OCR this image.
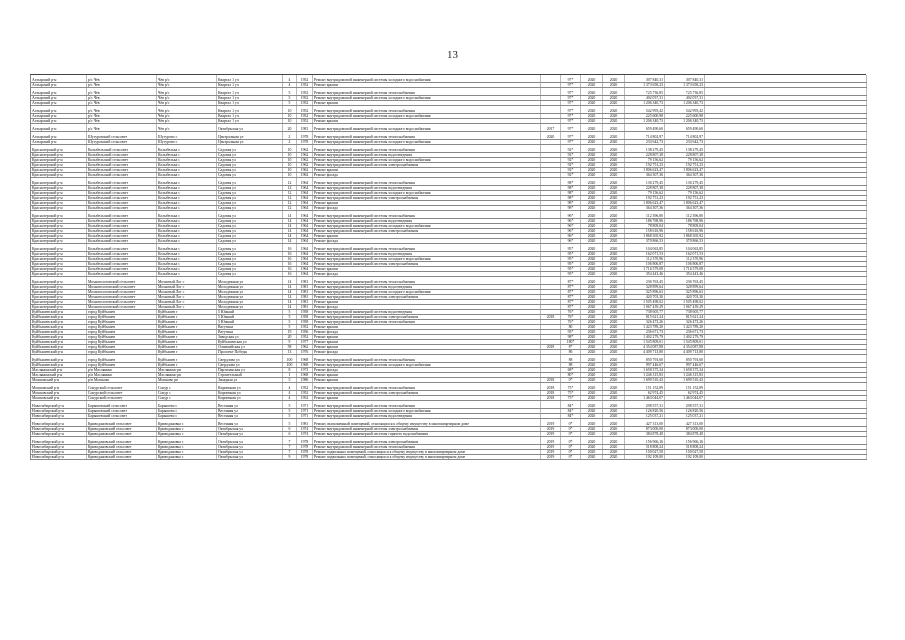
13
Ахтырский р-н	р/с Чёв	Чёв р/с	Квартал 1 уч	4	1952	Ремонт внутридомовой инженерной системы холодного водоснабжения		97*	2020	2020	307 840,31	307 840,31	
Ахтырский р-н	р/с Чёв	Чёв р/с	Квартал 1 уч	4	1952	Ремонт крыши		97*	2020	2020	1 373 658,23	1 373 658,23	
Ахтырский р-н	р/с Чёв	Чёв р/с	Квартал 1 уч	5	1952	Ремонт внутридомовой инженерной системы теплоснабжения		97*	2020	2020	725 736,85	725 736,85	
Ахтырский р-н	р/с Чёв	Чёв р/с	Квартал 1 уч	5	1952	Ремонт внутридомовой инженерной системы холодного водоснабжения		97*	2020	2020	402 057,31	402 057,31	
Ахтырский р-н	р/с Чёв	Чёв р/с	Квартал 1 уч	5	1952	Ремонт крыши		97*	2020	2020	1 206 340,73	1 206 340,73	
Ахтырский р-н	р/с Чёв	Чёв р/с	Квартал 1 уч	10	1952	Ремонт внутридомовой инженерной системы теплоснабжения		97*	2020	2020	542 995,42	542 995,42	
Ахтырский р-н	р/с Чёв	Чёв р/с	Квартал 1 уч	10	1952	Ремонт внутридомовой инженерной системы холодного водоснабжения		97*	2020	2020	225 600,98	225 600,98	
Ахтырский р-н	р/с Чёв	Чёв р/с	Квартал 1 уч	10	1952	Ремонт крыши		97*	2020	2020	1 206 340,73	1 206 340,73	
Ахтырский р-н	р/с Чёв	Чёв р/с	Октябрьская ул	20	1981	Ремонт внутридомовой инженерной системы холодного водоснабжения	2017	97*	2020	2020	659 490,60	659 490,60	
Ахтырский р-н	Шугуровский сельсовет	Шугурово с	Центральная ул	2	1978	Ремонт внутридомовой инженерной системы теплоснабжения	2020	97*	2020	2020	714 802,97	714 802,97	
Ахтырский р-н	Шугуровский сельсовет	Шугурово с	Центральная ул	2	1978	Ремонт внутридомовой инженерной системы холодного водоснабжения		97*	2020	2020	233 642,73	233 642,73	
Краснозерский р-н	Колыбельский сельсовет	Колыбелька с	Садовая ул	10	1962	Ремонт внутридомовой инженерной системы теплоснабжения		92*	2020	2020	138 279,45	138 279,45	
Краснозерский р-н	Колыбельский сельсовет	Колыбелька с	Садовая ул	10	1962	Ремонт внутридомовой инженерной системы водоотведения		92*	2020	2020	228 807,38	228 807,38	
Краснозерский р-н	Колыбельский сельсовет	Колыбелька с	Садовая ул	10	1962	Ремонт внутридомовой инженерной системы холодного водоснабжения		92*	2020	2020	79 156,62	79 156,62	
Краснозерский р-н	Колыбельский сельсовет	Колыбелька с	Садовая ул	10	1962	Ремонт внутридомовой инженерной системы электроснабжения		92*	2020	2020	192 751,23	192 751,23	
Краснозерский р-н	Колыбельский сельсовет	Колыбелька с	Садовая ул	10	1962	Ремонт крыши		92*	2020	2020	1 806 623,47	1 806 623,47	
Краснозерский р-н	Колыбельский сельсовет	Колыбелька с	Садовая ул	10	1962	Ремонт фасада		92*	2020	2020	364 307,36	364 307,36	
Краснозерский р-н	Колыбельский сельсовет	Колыбелька с	Садовая ул	12	1964	Ремонт внутридомовой инженерной системы теплоснабжения		98*	2020	2020	130 279,45	130 279,45	
Краснозерский р-н	Колыбельский сельсовет	Колыбелька с	Садовая ул	12	1964	Ремонт внутридомовой инженерной системы водоотведения		98*	2020	2020	228 807,38	228 807,38	
Краснозерский р-н	Колыбельский сельсовет	Колыбелька с	Садовая ул	12	1964	Ремонт внутридомовой инженерной системы холодного водоснабжения		98*	2020	2020	79 156,62	79 156,62	
Краснозерский р-н	Колыбельский сельсовет	Колыбелька с	Садовая ул	12	1964	Ремонт внутридомовой инженерной системы электроснабжения		98*	2020	2020	192 751,23	192 751,23	
Краснозерский р-н	Колыбельский сельсовет	Колыбелька с	Садовая ул	12	1964	Ремонт крыши		98*	2020	2020	1 806 623,47	1 806 623,47	
Краснозерский р-н	Колыбельский сельсовет	Колыбелька с	Садовая ул	12	1964	Ремонт фасада		98*	2020	2020	364 307,36	364 307,36	
Краснозерский р-н	Колыбельский сельсовет	Колыбелька с	Садовая ул	14	1964	Ремонт внутридомовой инженерной системы теплоснабжения		96*	2020	2020	112 396,80	112 396,80	
Краснозерский р-н	Колыбельский сельсовет	Колыбелька с	Садовая ул	14	1964	Ремонт внутридомовой инженерной системы водоотведения		96*	2020	2020	186 768,96	186 768,96	
Краснозерский р-н	Колыбельский сельсовет	Колыбелька с	Садовая ул	14	1964	Ремонт внутридомовой инженерной системы холодного водоснабжения		96*	2020	2020	78 809,04	78 809,04	
Краснозерский р-н	Колыбельский сельсовет	Колыбелька с	Садовая ул	14	1964	Ремонт внутридомовой инженерной системы электроснабжения		96*	2020	2020	158 616,96	158 616,96	
Краснозерский р-н	Колыбельский сельсовет	Колыбелька с	Садовая ул	14	1964	Ремонт крыши		96*	2020	2020	1 868 305,92	1 868 305,92	
Краснозерский р-н	Колыбельский сельсовет	Колыбелька с	Садовая ул	14	1964	Ремонт фасада		96*	2020	2020	370 866,53	370 866,53	
Краснозерский р-н	Колыбельский сельсовет	Колыбелька с	Садовая ул	16	1964	Ремонт внутридомовой инженерной системы теплоснабжения		95*	2020	2020	104 063,85	104 063,85	
Краснозерский р-н	Колыбельский сельсовет	Колыбелька с	Садовая ул	16	1964	Ремонт внутридомовой инженерной системы водоотведения		95*	2020	2020	162 071,53	162 071,53	
Краснозерский р-н	Колыбельский сельсовет	Колыбелька с	Садовая ул	16	1964	Ремонт внутридомовой инженерной системы холодного водоснабжения		95*	2020	2020	112 370,96	112 370,96	
Краснозерский р-н	Колыбельский сельсовет	Колыбелька с	Садовая ул	16	1964	Ремонт внутридомовой инженерной системы электроснабжения		95*	2020	2020	106 806,87	106 806,87	
Краснозерский р-н	Колыбельский сельсовет	Колыбелька с	Садовая ул	16	1964	Ремонт крыши		95*	2020	2020	1 716 579,08	1 716 579,08	
Краснозерский р-н	Колыбельский сельсовет	Колыбелька с	Садовая ул	16	1964	Ремонт фасада		95*	2020	2020	354 443,46	354 443,46	
Краснозерский р-н	Мохнатологовский сельсовет	Мохнатый Лог с	Молодежная ул	14	1981	Ремонт внутридомовой инженерной системы теплоснабжения		87*	2020	2020	236 763,45	236 763,45	
Краснозерский р-н	Мохнатологовский сельсовет	Мохнатый Лог с	Молодежная ул	14	1981	Ремонт внутридомовой инженерной системы водоотведения		87*	2020	2020	328 899,64	328 899,64	
Краснозерский р-н	Мохнатологовский сельсовет	Мохнатый Лог с	Молодежная ул	14	1981	Ремонт внутридомовой инженерной системы холодного водоснабжения		87*	2020	2020	325 896,63	325 896,63	
Краснозерский р-н	Мохнатологовский сельсовет	Мохнатый Лог с	Молодежная ул	14	1981	Ремонт внутридомовой инженерной системы электроснабжения		87*	2020	2020	420 703,30	420 703,30	
Краснозерский р-н	Мохнатологовский сельсовет	Мохнатый Лог с	Молодежная ул	14	1981	Ремонт крыши		87*	2020	2020	1 505 498,02	1 505 498,02	
Краснозерский р-н	Мохнатологовский сельсовет	Мохнатый Лог с	Молодежная ул	14	1981	Ремонт фасада		87*	2020	2020	1 067 439,29	1 067 439,29	
Куйбышевский р-н	город Куйбышев	Куйбышев г	5 Южный	5	1958	Ремонт внутридомовой инженерной системы водоотведения		76*	2020	2020	738 605,77	738 605,77	
Куйбышевский р-н	город Куйбышев	Куйбышев г	5 Южный	5	1958	Ремонт внутридомовой инженерной системы электроснабжения	2018	76*	2020	2020	815 621,24	815 621,24	
Куйбышевский р-н	город Куйбышев	Куйбышев г	5 Южный	5	1958	Ремонт внутридомовой инженерной системы теплоснабжения		76*	2020	2020	326 473,26	326 473,26	
Куйбышевский р-н	город Куйбышев	Куйбышев г	Ватутина	5	1952	Ремонт крыши		80	2020	2020	1 423 789,20	1 423 789,20	
Куйбышевский р-н	город Куйбышев	Куйбышев г	Ватутина	19	1956	Ремонт фасада		93*	2020	2020	236 671,73	236 671,73	
Куйбышевский р-н	город Куйбышев	Куйбышев г	Заводская ул	20	1952	Ремонт крыши		98*	2020	2020	1 402 279,79	1 402 279,79	
Куйбышевский р-н	город Куйбышев	Куйбышев г	Куйбышевская ул	9	1977	Ремонт крыши		180*	2020	2020	1 545 809,61	1 545 809,61	
Куйбышевский р-н	город Куйбышев	Куйбышев г	Олимпийская ул	58	1962	Ремонт крыши	2018	8*	2020	2020	4 354 087,88	4 354 087,88	
Куйбышевский р-н	город Куйбышев	Куйбышев г	Проспект Победы	13	1976	Ремонт фасада		86	2020	2020	4 409 713,80	4 409 713,80	
Куйбышевский р-н	город Куйбышев	Куйбышев г	Свердлова ул	100	1968	Ремонт внутридомовой инженерной системы теплоснабжения		88	2020	2020	850 793,60	850 793,60	
Куйбышевский р-н	город Куйбышев	Куйбышев г	Свердлова ул	100	1968	Ремонт внутридомовой инженерной системы холодного водоснабжения		88	2020	2020	997 446,67	997 446,67	
Маслянинский р-н	р/п Маслянино	Маслянино рп	Партизанская ул	8	1973	Ремонт фасада		68*	2020	2020	1 658 375,34	1 658 375,34	
Маслянинский р-н	р/п Маслянино	Маслянино рп	Строительный	1	1968	Ремонт крыши		80*	2020	2020	1 246 315,83	1 246 315,83	
Мошковский р-н	р/п Мошково	Мошково рп	Западная ул	5	1986	Ремонт крыши	2018	0*	2020	2020	1 699 510,43	1 699 510,43	
Мошковский р-н	Сокурский сельсовет	Сокур с	Кирпичная ул	4	1952	Ремонт внутридомовой инженерной системы теплоснабжения	2018	75*	2020	2020	151 152,89	151 152,89	
Мошковский р-н	Сокурский сельсовет	Сокур с	Кирпичная ул	4	1952	Ремонт внутридомовой инженерной системы электроснабжения	2018	75*	2020	2020	62 974,45	62 974,45	
Мошковский р-н	Сокурский сельсовет	Сокур с	Кирпичная ул	4	1952	Ремонт крыши	2018	75*	2020	2020	1 463 044,07	1 463 044,07	
Новосибирский р-н	Барышевский сельсовет	Барышево с	Весенняя ул	5	1971	Ремонт внутридомовой инженерной системы теплоснабжения		84*	2020	2020	298 557,31	298 557,31	
Новосибирский р-н	Барышевский сельсовет	Барышево с	Весенняя ул	5	1971	Ремонт внутридомовой инженерной системы холодного водоснабжения		84*	2020	2020	126 820,56	126 820,56	
Новосибирский р-н	Барышевский сельсовет	Барышево с	Весенняя ул	5	1971	Ремонт внутридомовой инженерной системы водоотведения		84*	2020	2020	125 037,21	125 037,21	
Новосибирский р-н	Криводановский сельсовет	Криводановка с	Весенняя ул	5	1981	Ремонт, выполненный помещений, относящихся к общему имуществу в многоквартирном доме	2019	0*	2020	2020	427 313,00	427 313,00	
Новосибирский р-н	Криводановский сельсовет	Криводановка с	Октябрьская ул	6	1974	Ремонт внутридомовой инженерной системы электроснабжения	2019	0*	2020	2020	873 000,00	873 000,00	
Новосибирский р-н	Криводановский сельсовет	Криводановка с	Октябрьская ул	6	1974	Ремонт внутридомовой инженерной системы горячего водоснабжения	2019	0*	2020	2020	384 878,40	384 878,40	
Новосибирский р-н	Криводановский сельсовет	Криводановка с	Октябрьская ул	7	1978	Ремонт внутридомовой инженерной системы электроснабжения	2019	0*	2020	2020	156 966,16	156 966,16	
Новосибирский р-н	Криводановский сельсовет	Криводановка с	Октябрьская ул	7	1978	Ремонт внутридомовой инженерной системы теплоснабжения	2019	0*	2020	2020	518 808,24	518 808,24	
Новосибирский р-н	Криводановский сельсовет	Криводановка с	Октябрьская ул	7	1978	Ремонт подвальных помещений, относящихся к общему имуществу в многоквартирном доме	2019	0*	2020	2020	150 027,50	150 027,50	
Новосибирский р-н	Криводановский сельсовет	Криводановка с	Октябрьская ул	9	1978	Ремонт подвальных помещений, относящихся к общему имуществу в многоквартирном доме	2019	0*	2020	2020	192 109,00	192 109,00	
